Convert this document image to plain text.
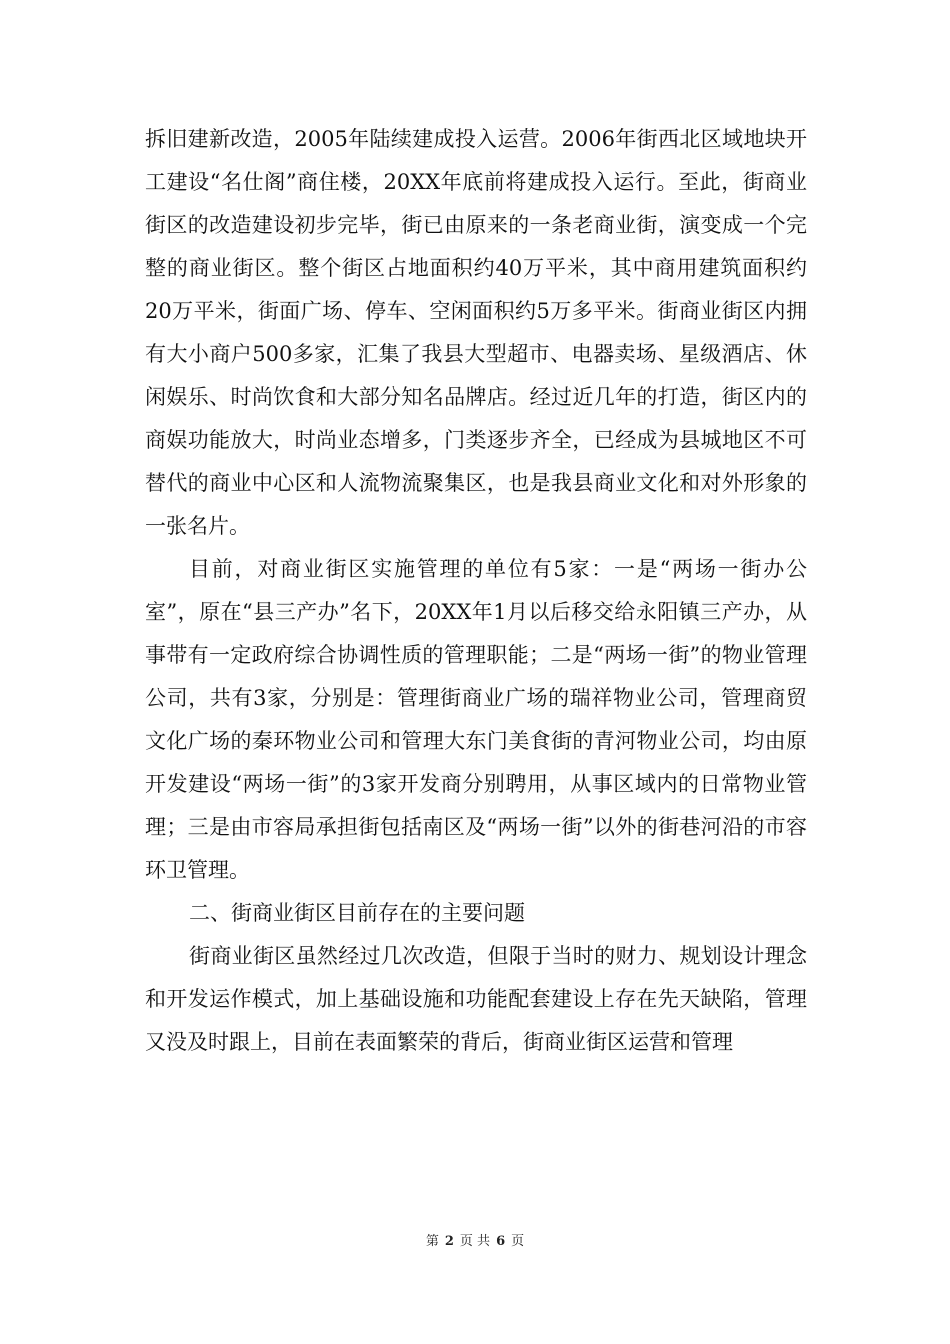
拆旧建新改造，2005年陆续建成投入运营。2006年街西北区域地块开工建设“名仕阁”商住楼，20XX年底前将建成投入运行。至此，街商业街区的改造建设初步完毕，街已由原来的一条老商业街，演变成一个完整的商业街区。整个街区占地面积约40万平米，其中商用建筑面积约20万平米，街面广场、停车、空闲面积约5万多平米。街商业街区内拥有大小商户500多家，汇集了我县大型超市、电器卖场、星级酒店、休闲娱乐、时尚饮食和大部分知名品牌店。经过近几年的打造，街区内的商娱功能放大，时尚业态增多，门类逐步齐全，已经成为县城地区不可替代的商业中心区和人流物流聚集区，也是我县商业文化和对外形象的一张名片。

目前，对商业街区实施管理的单位有5家：一是“两场一街办公室”，原在“县三产办”名下，20XX年1月以后移交给永阳镇三产办，从事带有一定政府综合协调性质的管理职能；二是“两场一街”的物业管理公司，共有3家，分别是：管理街商业广场的瑞祥物业公司，管理商贸文化广场的秦环物业公司和管理大东门美食街的青河物业公司，均由原开发建设“两场一街”的3家开发商分别聘用，从事区域内的日常物业管理；三是由市容局承担街包括南区及“两场一街”以外的街巷河沿的市容环卫管理。

二、街商业街区目前存在的主要问题

街商业街区虽然经过几次改造，但限于当时的财力、规划设计理念和开发运作模式，加上基础设施和功能配套建设上存在先天缺陷，管理又没及时跟上，目前在表面繁荣的背后，街商业街区运营和管理

第 2 页 共 6 页
